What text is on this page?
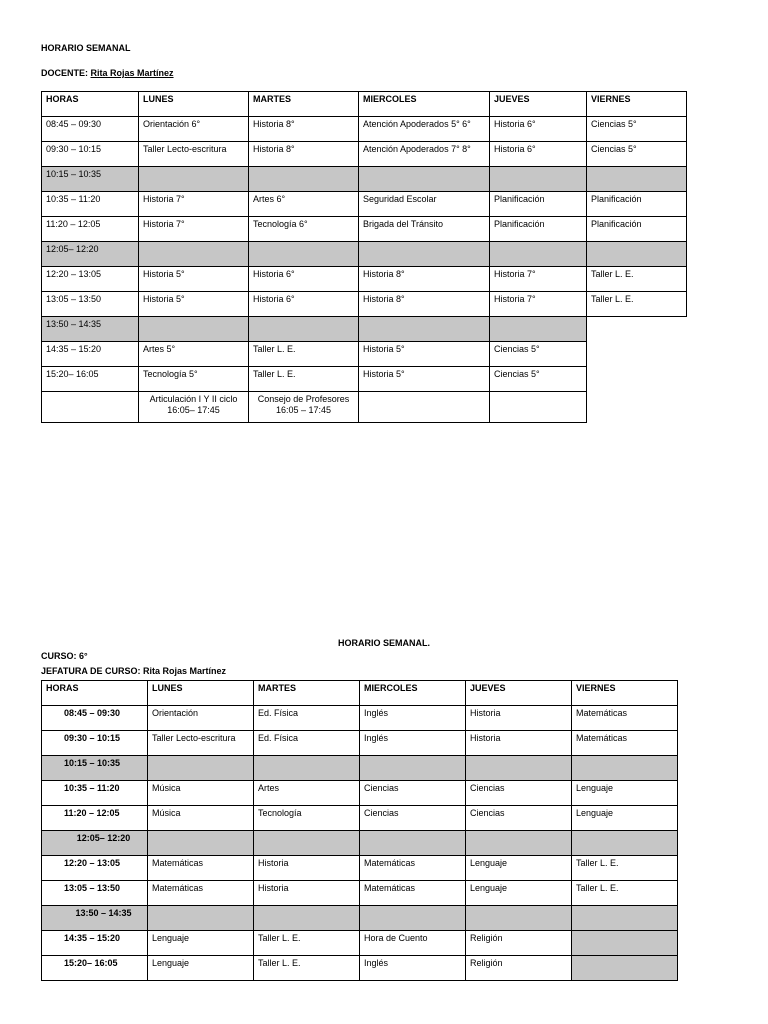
HORARIO SEMANAL
DOCENTE: Rita Rojas Martínez
HORAS	LUNES	MARTES	MIERCOLES	JUEVES	VIERNES
08:45 – 09:30	Orientación 6°	Historia 8°	Atención Apoderados 5° 6°	Historia 6°	Ciencias 5°
09:30 – 10:15	Taller Lecto-escritura	Historia 8°	Atención Apoderados 7° 8°	Historia 6°	Ciencias 5°
10:15 – 10:35					
10:35 – 11:20	Historia 7°	Artes 6°	Seguridad Escolar	Planificación	Planificación
11:20 – 12:05	Historia 7°	Tecnología 6°	Brigada del Tránsito	Planificación	Planificación
12:05– 12:20					
12:20 – 13:05	Historia 5°	Historia 6°	Historia 8°	Historia 7°	Taller L. E.
13:05 – 13:50	Historia 5°	Historia 6°	Historia 8°	Historia 7°	Taller L. E.
13:50 – 14:35					
14:35 – 15:20	Artes 5°	Taller L. E.	Historia 5°	Ciencias 5°	
15:20– 16:05	Tecnología 5°	Taller L. E.	Historia 5°	Ciencias 5°	
	Articulación I Y II ciclo 16:05– 17:45	Consejo de Profesores 16:05 – 17:45			
HORARIO SEMANAL.
CURSO: 6°
JEFATURA DE CURSO: Rita Rojas Martínez
HORAS	LUNES	MARTES	MIERCOLES	JUEVES	VIERNES
08:45 – 09:30	Orientación	Ed. Física	Inglés	Historia	Matemáticas
09:30 – 10:15	Taller Lecto-escritura	Ed. Física	Inglés	Historia	Matemáticas
10:15 – 10:35					
10:35 – 11:20	Música	Artes	Ciencias	Ciencias	Lenguaje
11:20 – 12:05	Música	Tecnología	Ciencias	Ciencias	Lenguaje
12:05– 12:20					
12:20 – 13:05	Matemáticas	Historia	Matemáticas	Lenguaje	Taller L. E.
13:05 – 13:50	Matemáticas	Historia	Matemáticas	Lenguaje	Taller L. E.
13:50 – 14:35					
14:35 – 15:20	Lenguaje	Taller L. E.	Hora de Cuento	Religión	
15:20– 16:05	Lenguaje	Taller L. E.	Inglés	Religión	
